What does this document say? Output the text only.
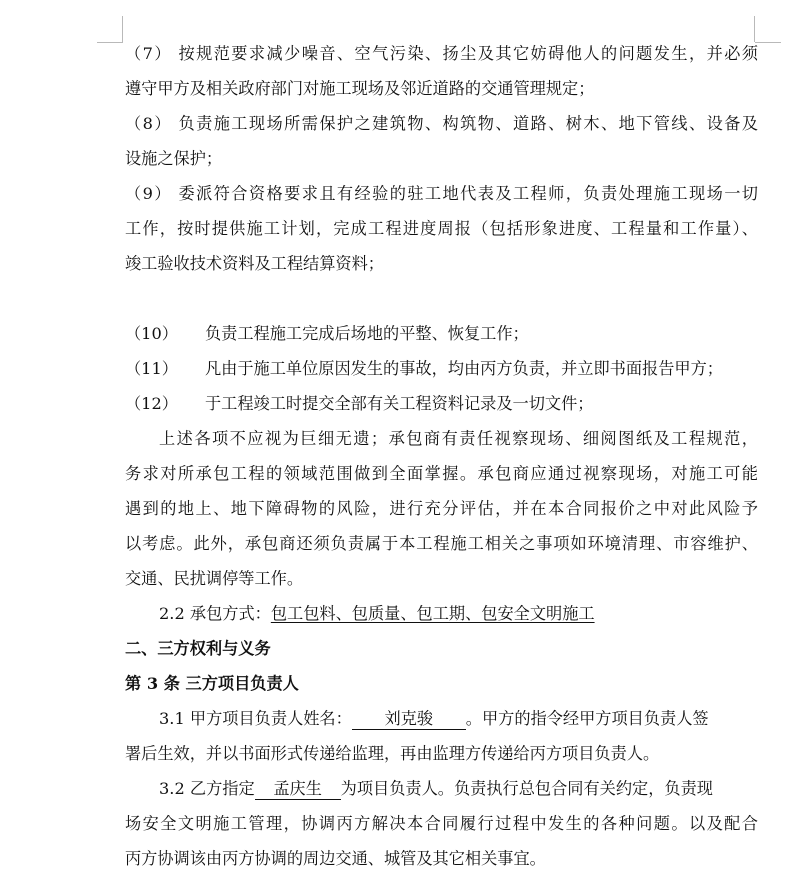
（7） 按规范要求减少噪音、空气污染、扬尘及其它妨碍他人的问题发生，并必须

遵守甲方及相关政府部门对施工现场及邻近道路的交通管理规定；

（8） 负责施工现场所需保护之建筑物、构筑物、道路、树木、地下管线、设备及

设施之保护；

（9） 委派符合资格要求且有经验的驻工地代表及工程师，负责处理施工现场一切

工作，按时提供施工计划，完成工程进度周报（包括形象进度、工程量和工作量）、

竣工验收技术资料及工程结算资料；

（10） 负责工程施工完成后场地的平整、恢复工作；

（11） 凡由于施工单位原因发生的事故，均由丙方负责，并立即书面报告甲方；

（12） 于工程竣工时提交全部有关工程资料记录及一切文件；

上述各项不应视为巨细无遗；承包商有责任视察现场、细阅图纸及工程规范，

务求对所承包工程的领域范围做到全面掌握。承包商应通过视察现场，对施工可能

遇到的地上、地下障碍物的风险，进行充分评估，并在本合同报价之中对此风险予

以考虑。此外，承包商还须负责属于本工程施工相关之事项如环境清理、市容维护、

交通、民扰调停等工作。

2.2 承包方式：包工包料、包质量、包工期、包安全文明施工

二、三方权利与义务

第 3 条 三方项目负责人

3.1 甲方项目负责人姓名： 刘克骏 。甲方的指令经甲方项目负责人签

署后生效，并以书面形式传递给监理，再由监理方传递给丙方项目负责人。

3.2 乙方指定 孟庆生 为项目负责人。负责执行总包合同有关约定，负责现

场安全文明施工管理，协调丙方解决本合同履行过程中发生的各种问题。以及配合

丙方协调该由丙方协调的周边交通、城管及其它相关事宜。
